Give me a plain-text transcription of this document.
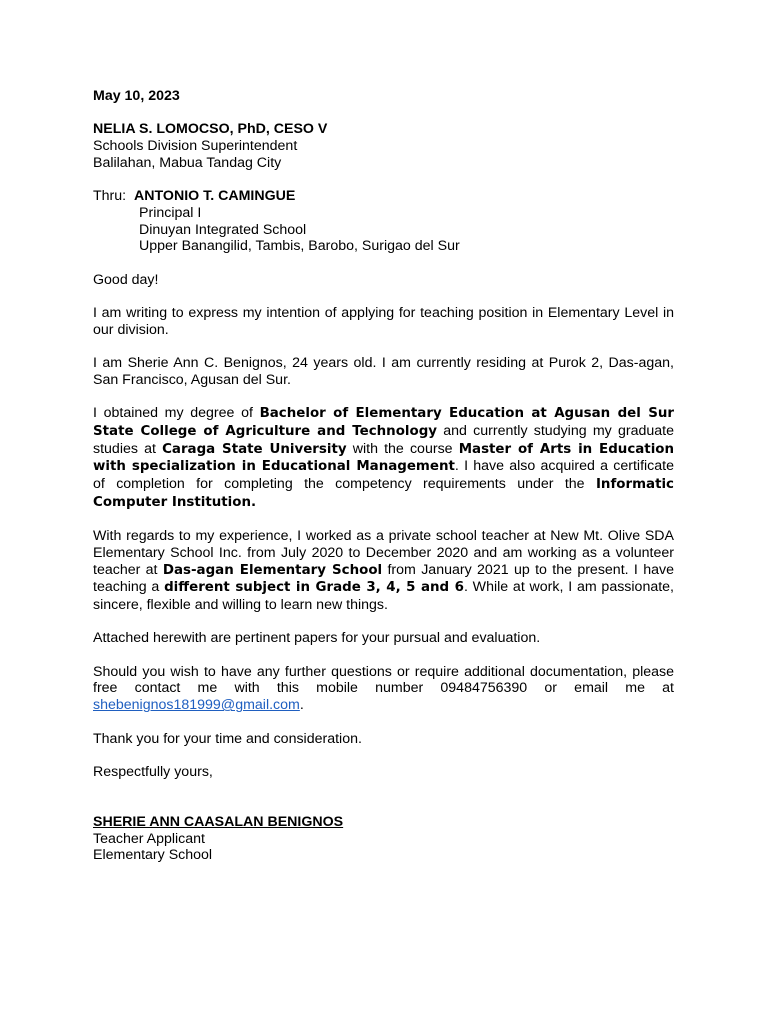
May 10, 2023
NELIA S. LOMOCSO, PhD, CESO V
Schools Division Superintendent
Balilahan, Mabua Tandag City
Thru: ANTONIO T. CAMINGUE
Principal I
Dinuyan Integrated School
Upper Banangilid, Tambis, Barobo, Surigao del Sur
Good day!

I am writing to express my intention of applying for teaching position in Elementary Level in our division.

I am Sherie Ann C. Benignos, 24 years old. I am currently residing at Purok 2, Das-agan, San Francisco, Agusan del Sur.

I obtained my degree of Bachelor of Elementary Education at Agusan del Sur State College of Agriculture and Technology and currently studying my graduate studies at Caraga State University with the course Master of Arts in Education with specialization in Educational Management. I have also acquired a certificate of completion for completing the competency requirements under the Informatic Computer Institution.

With regards to my experience, I worked as a private school teacher at New Mt. Olive SDA Elementary School Inc. from July 2020 to December 2020 and am working as a volunteer teacher at Das-agan Elementary School from January 2021 up to the present. I have teaching a different subject in Grade 3, 4, 5 and 6. While at work, I am passionate, sincere, flexible and willing to learn new things.

Attached herewith are pertinent papers for your pursual and evaluation.

Should you wish to have any further questions or require additional documentation, please free contact me with this mobile number 09484756390 or email me at shebenignos181999@gmail.com.

Thank you for your time and consideration.

Respectfully yours,
SHERIE ANN CAASALAN BENIGNOS
Teacher Applicant
Elementary School
